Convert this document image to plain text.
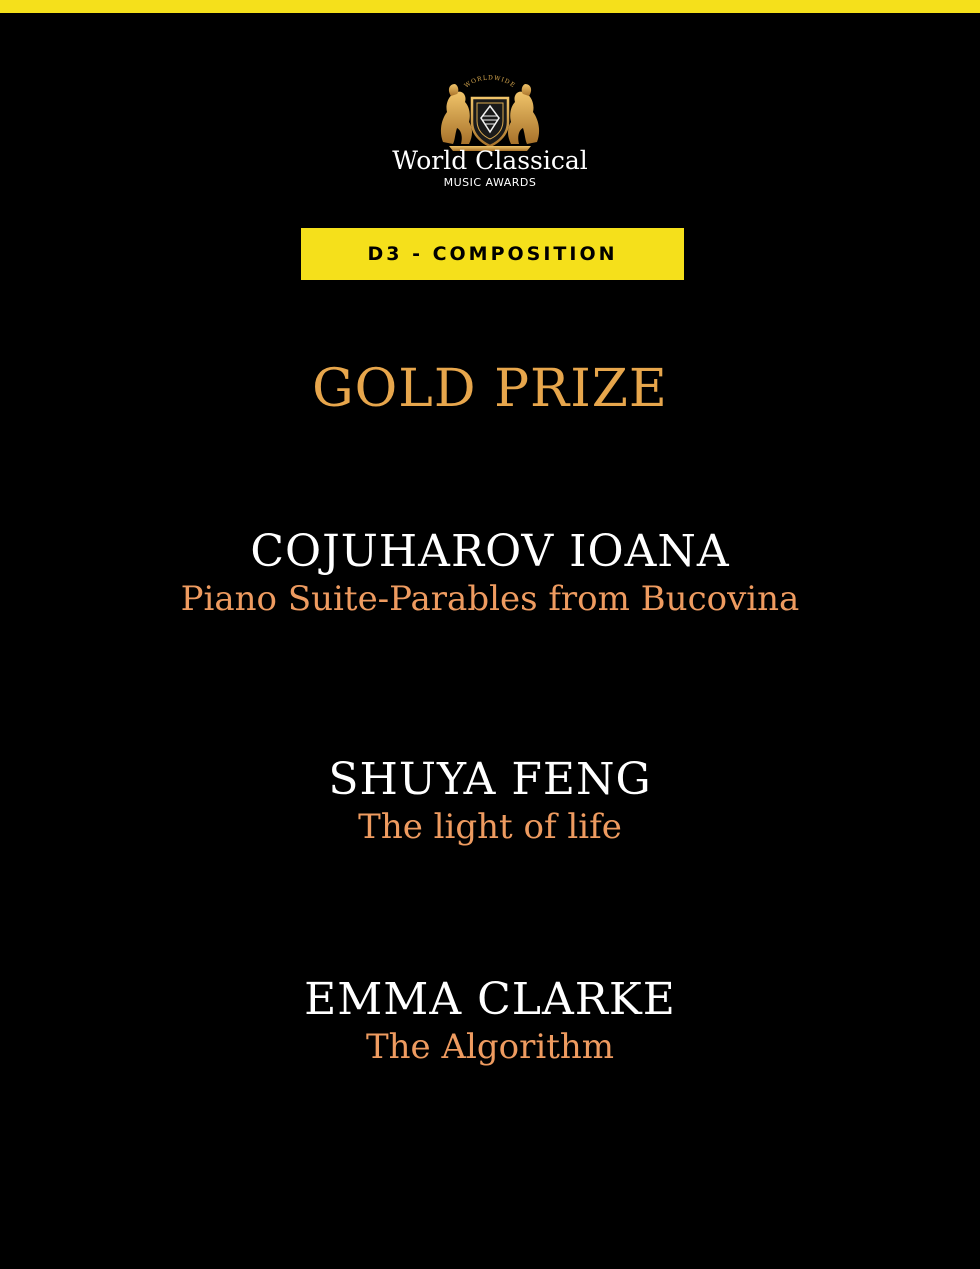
WORLDWIDE
World Classical
MUSIC AWARDS
D3 - COMPOSITION
GOLD PRIZE
COJUHAROV IOANA
Piano Suite-Parables from Bucovina
SHUYA FENG
The light of life
EMMA CLARKE
The Algorithm
